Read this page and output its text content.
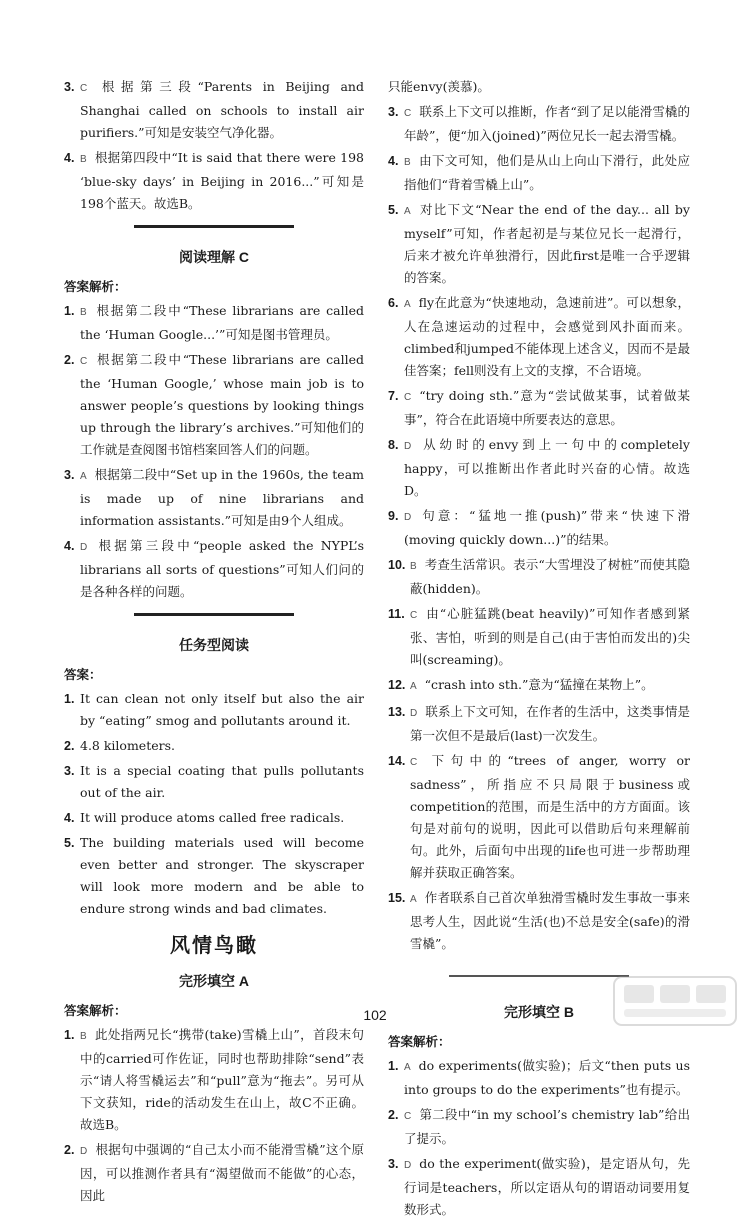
3. C 根据第三段“Parents in Beijing and Shanghai called on schools to install air purifiers.”可知是安装空气净化器。
4. B 根据第四段中“It is said that there were 198 ‘blue-sky days’ in Beijing in 2016...”可知是198个蓝天。故选B。
阅读理解 C
答案解析：
1. B 根据第二段中“These librarians are called the ‘Human Google...’”可知是图书管理员。
2. C 根据第二段中“These librarians are called the ‘Human Google,’ whose main job is to answer people’s questions by looking things up through the library’s archives.”可知他们的工作就是查阅图书馆档案回答人们的问题。
3. A 根据第二段中“Set up in the 1960s, the team is made up of nine librarians and information assistants.”可知是由9个人组成。
4. D 根据第三段中“people asked the NYPL’s librarians all sorts of questions”可知人们问的是各种各样的问题。
任务型阅读
答案：
1. It can clean not only itself but also the air by “eating” smog and pollutants around it.
2. 4.8 kilometers.
3. It is a special coating that pulls pollutants out of the air.
4. It will produce atoms called free radicals.
5. The building materials used will become even better and stronger. The skyscraper will look more modern and be able to endure strong winds and bad climates.
风情鸟瞰
完形填空 A
答案解析：
1. B 此处指两兄长“携带(take)雪橇上山”，首段末句中的carried可作佐证，同时也帮助排除“send”表示“请人将雪橇运去”和“pull”意为“拖去”。另可从下文获知，ride的活动发生在山上，故C不正确。故选B。
2. D 根据句中强调的“自己太小而不能滑雪橇”这个原因，可以推测作者具有“渴望做而不能做”的心态，因此
只能envy(羡慕)。
3. C 联系上下文可以推断，作者“到了足以能滑雪橇的年龄”，便“加入(joined)”两位兄长一起去滑雪橇。
4. B 由下文可知，他们是从山上向山下滑行，此处应指他们“背着雪橇上山”。
5. A 对比下文“Near the end of the day... all by myself”可知，作者起初是与某位兄长一起滑行，后来才被允许单独滑行，因此first是唯一合乎逻辑的答案。
6. A fly在此意为“快速地动，急速前进”。可以想象，人在急速运动的过程中，会感觉到风扑面而来。climbed和jumped不能体现上述含义，因而不是最佳答案；fell则没有上文的支撑，不合语境。
7. C “try doing sth.”意为“尝试做某事，试着做某事”，符合在此语境中所要表达的意思。
8. D 从幼时的envy到上一句中的completely happy，可以推断出作者此时兴奋的心情。故选D。
9. D 句意：“猛地一推(push)”带来“快速下滑(moving quickly down...)”的结果。
10. B 考查生活常识。表示“大雪埋没了树桩”而使其隐蔽(hidden)。
11. C 由“心脏猛跳(beat heavily)”可知作者感到紧张、害怕，听到的则是自己(由于害怕而发出的)尖叫(screaming)。
12. A “crash into sth.”意为“猛撞在某物上”。
13. D 联系上下文可知，在作者的生活中，这类事情是第一次但不是最后(last)一次发生。
14. C 下句中的“trees of anger, worry or sadness”，所指应不只局限于business或competition的范围，而是生活中的方方面面。该句是对前句的说明，因此可以借助后句来理解前句。此外，后面句中出现的life也可进一步帮助理解并获取正确答案。
15. A 作者联系自己首次单独滑雪橇时发生事故一事来思考人生，因此说“生活(也)不总是安全(safe)的滑雪橇”。
完形填空 B
答案解析：
1. A do experiments(做实验)；后文“then puts us into groups to do the experiments”也有提示。
2. C 第二段中“in my school’s chemistry lab”给出了提示。
3. D do the experiment(做实验)，是定语从句，先行词是teachers，所以定语从句的谓语动词要用复数形式。
102
